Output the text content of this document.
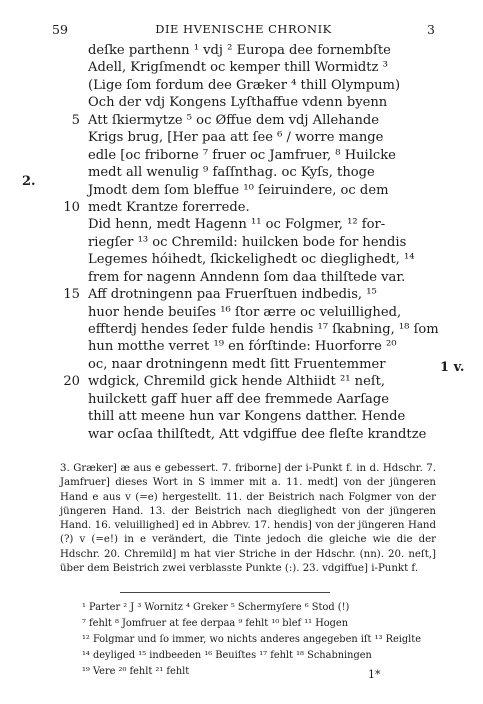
59	DIE HVENISCHE CHRONIK	3
2.
1 v.
deſke parthenn ¹ vdj ² Europa dee fornembſte
Adell, Krigſmendt oc kemper thill Wormidtz ³
(Lige ſom fordum dee Græker ⁴ thill Olympum)
Och der vdj Kongens Lyſthaffue vdenn byenn
5 Att ſkiermytze ⁵ oc Øffue dem vdj Allehande
Krigs brug, [Her paa att ſee ⁶ / worre mange
edle [oc friborne ⁷ fruer oc Jamfruer, ⁸ Huilcke
medt all wenulig ⁹ faſſnthag. oc Kyſs, thoge
Jmodt dem ſom bleffue ¹⁰ ſeiruindere, oc dem
10 medt Krantze forerrede.
Did henn, medt Hagenn ¹¹ oc Folgmer, ¹² for-
riegſer ¹³ oc Chremild: huilcken bode for hendis
Legemes hóihedt, ſkickelighedt oc dieglighedt, ¹⁴
frem for nagenn Anndenn ſom daa thilſtede var.
15 Aff drotningenn paa Fruerſtuen indbedis, ¹⁵
huor hende beuiſes ¹⁶ ſtor ærre oc veluillighed,
effterdj hendes ſeder fulde hendis ¹⁷ ſkabning, ¹⁸ ſom
hun motthe verret ¹⁹ en fórſtinde: Huorforre ²⁰
oc, naar drotningenn medt ſitt Fruentemmer
20 wdgick, Chremild gick hende Althiidt ²¹ neſt,
huilckett gaff huer aff dee fremmede Aarſage
thill att meene hun var Kongens datther. Hende
war ocſaa thilſtedt, Att vdgiffue dee fleſte krandtze

3. Græker] æ aus e gebessert. 7. friborne] der i-Punkt f. in d. Hdschr. 7. Jamfruer] dieses Wort in S immer mit a. 11. medt] von der jüngeren Hand e aus v (=e) hergestellt. 11. der Beistrich nach Folgmer von der jüngeren Hand. 13. der Beistrich nach dieglighedt von der jüngeren Hand. 16. veluillighed] ed in Abbrev. 17. hendis] von der jüngeren Hand (?) v (=e!) in e verändert, die Tinte jedoch die gleiche wie die der Hdschr. 20. Chremild] m hat vier Striche in der Hdschr. (nn). 20. neſt,] über dem Beistrich zwei verblasste Punkte (:). 23. vdgiffue] i-Punkt f.

¹ Parter ² J ³ Wornitz ⁴ Greker ⁵ Schermyſere ⁶ Stod (!)
⁷ fehlt ⁸ Jomfruer at fee derpaa ⁹ fehlt ¹⁰ blef ¹¹ Hogen
¹² Folgmar und ſo immer, wo nichts anderes angegeben iſt ¹³ Reiglte
¹⁴ deyliged ¹⁵ indbeeden ¹⁶ Beuiſtes ¹⁷ fehlt ¹⁸ Schabningen
¹⁹ Vere ²⁰ fehlt ²¹ fehlt	1*
